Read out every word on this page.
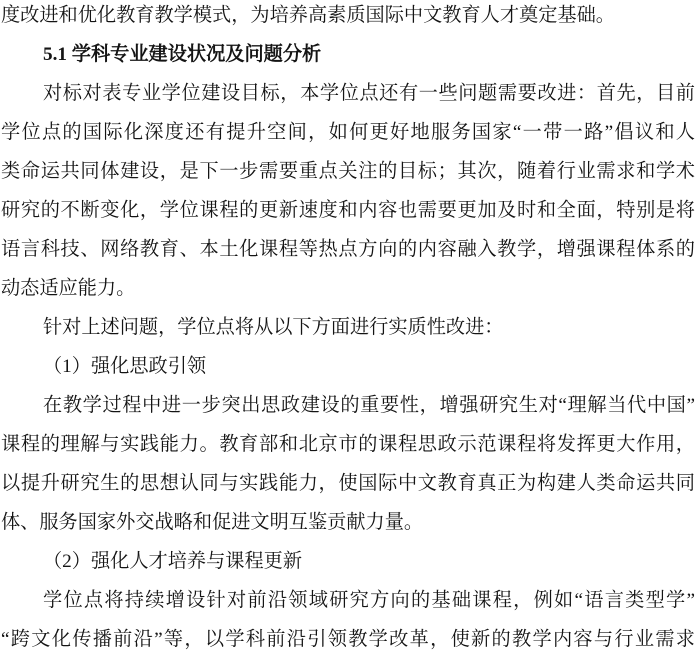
度改进和优化教育教学模式，为培养高素质国际中文教育人才奠定基础。
5.1 学科专业建设状况及问题分析
对标对表专业学位建设目标，本学位点还有一些问题需要改进：首先，目前
学位点的国际化深度还有提升空间，如何更好地服务国家“一带一路”倡议和人
类命运共同体建设，是下一步需要重点关注的目标；其次，随着行业需求和学术
研究的不断变化，学位课程的更新速度和内容也需要更加及时和全面，特别是将
语言科技、网络教育、本土化课程等热点方向的内容融入教学，增强课程体系的
动态适应能力。
针对上述问题，学位点将从以下方面进行实质性改进：
（1）强化思政引领
在教学过程中进一步突出思政建设的重要性，增强研究生对“理解当代中国”
课程的理解与实践能力。教育部和北京市的课程思政示范课程将发挥更大作用，
以提升研究生的思想认同与实践能力，使国际中文教育真正为构建人类命运共同
体、服务国家外交战略和促进文明互鉴贡献力量。
（2）强化人才培养与课程更新
学位点将持续增设针对前沿领域研究方向的基础课程，例如“语言类型学”
“跨文化传播前沿”等，以学科前沿引领教学改革，使新的教学内容与行业需求
